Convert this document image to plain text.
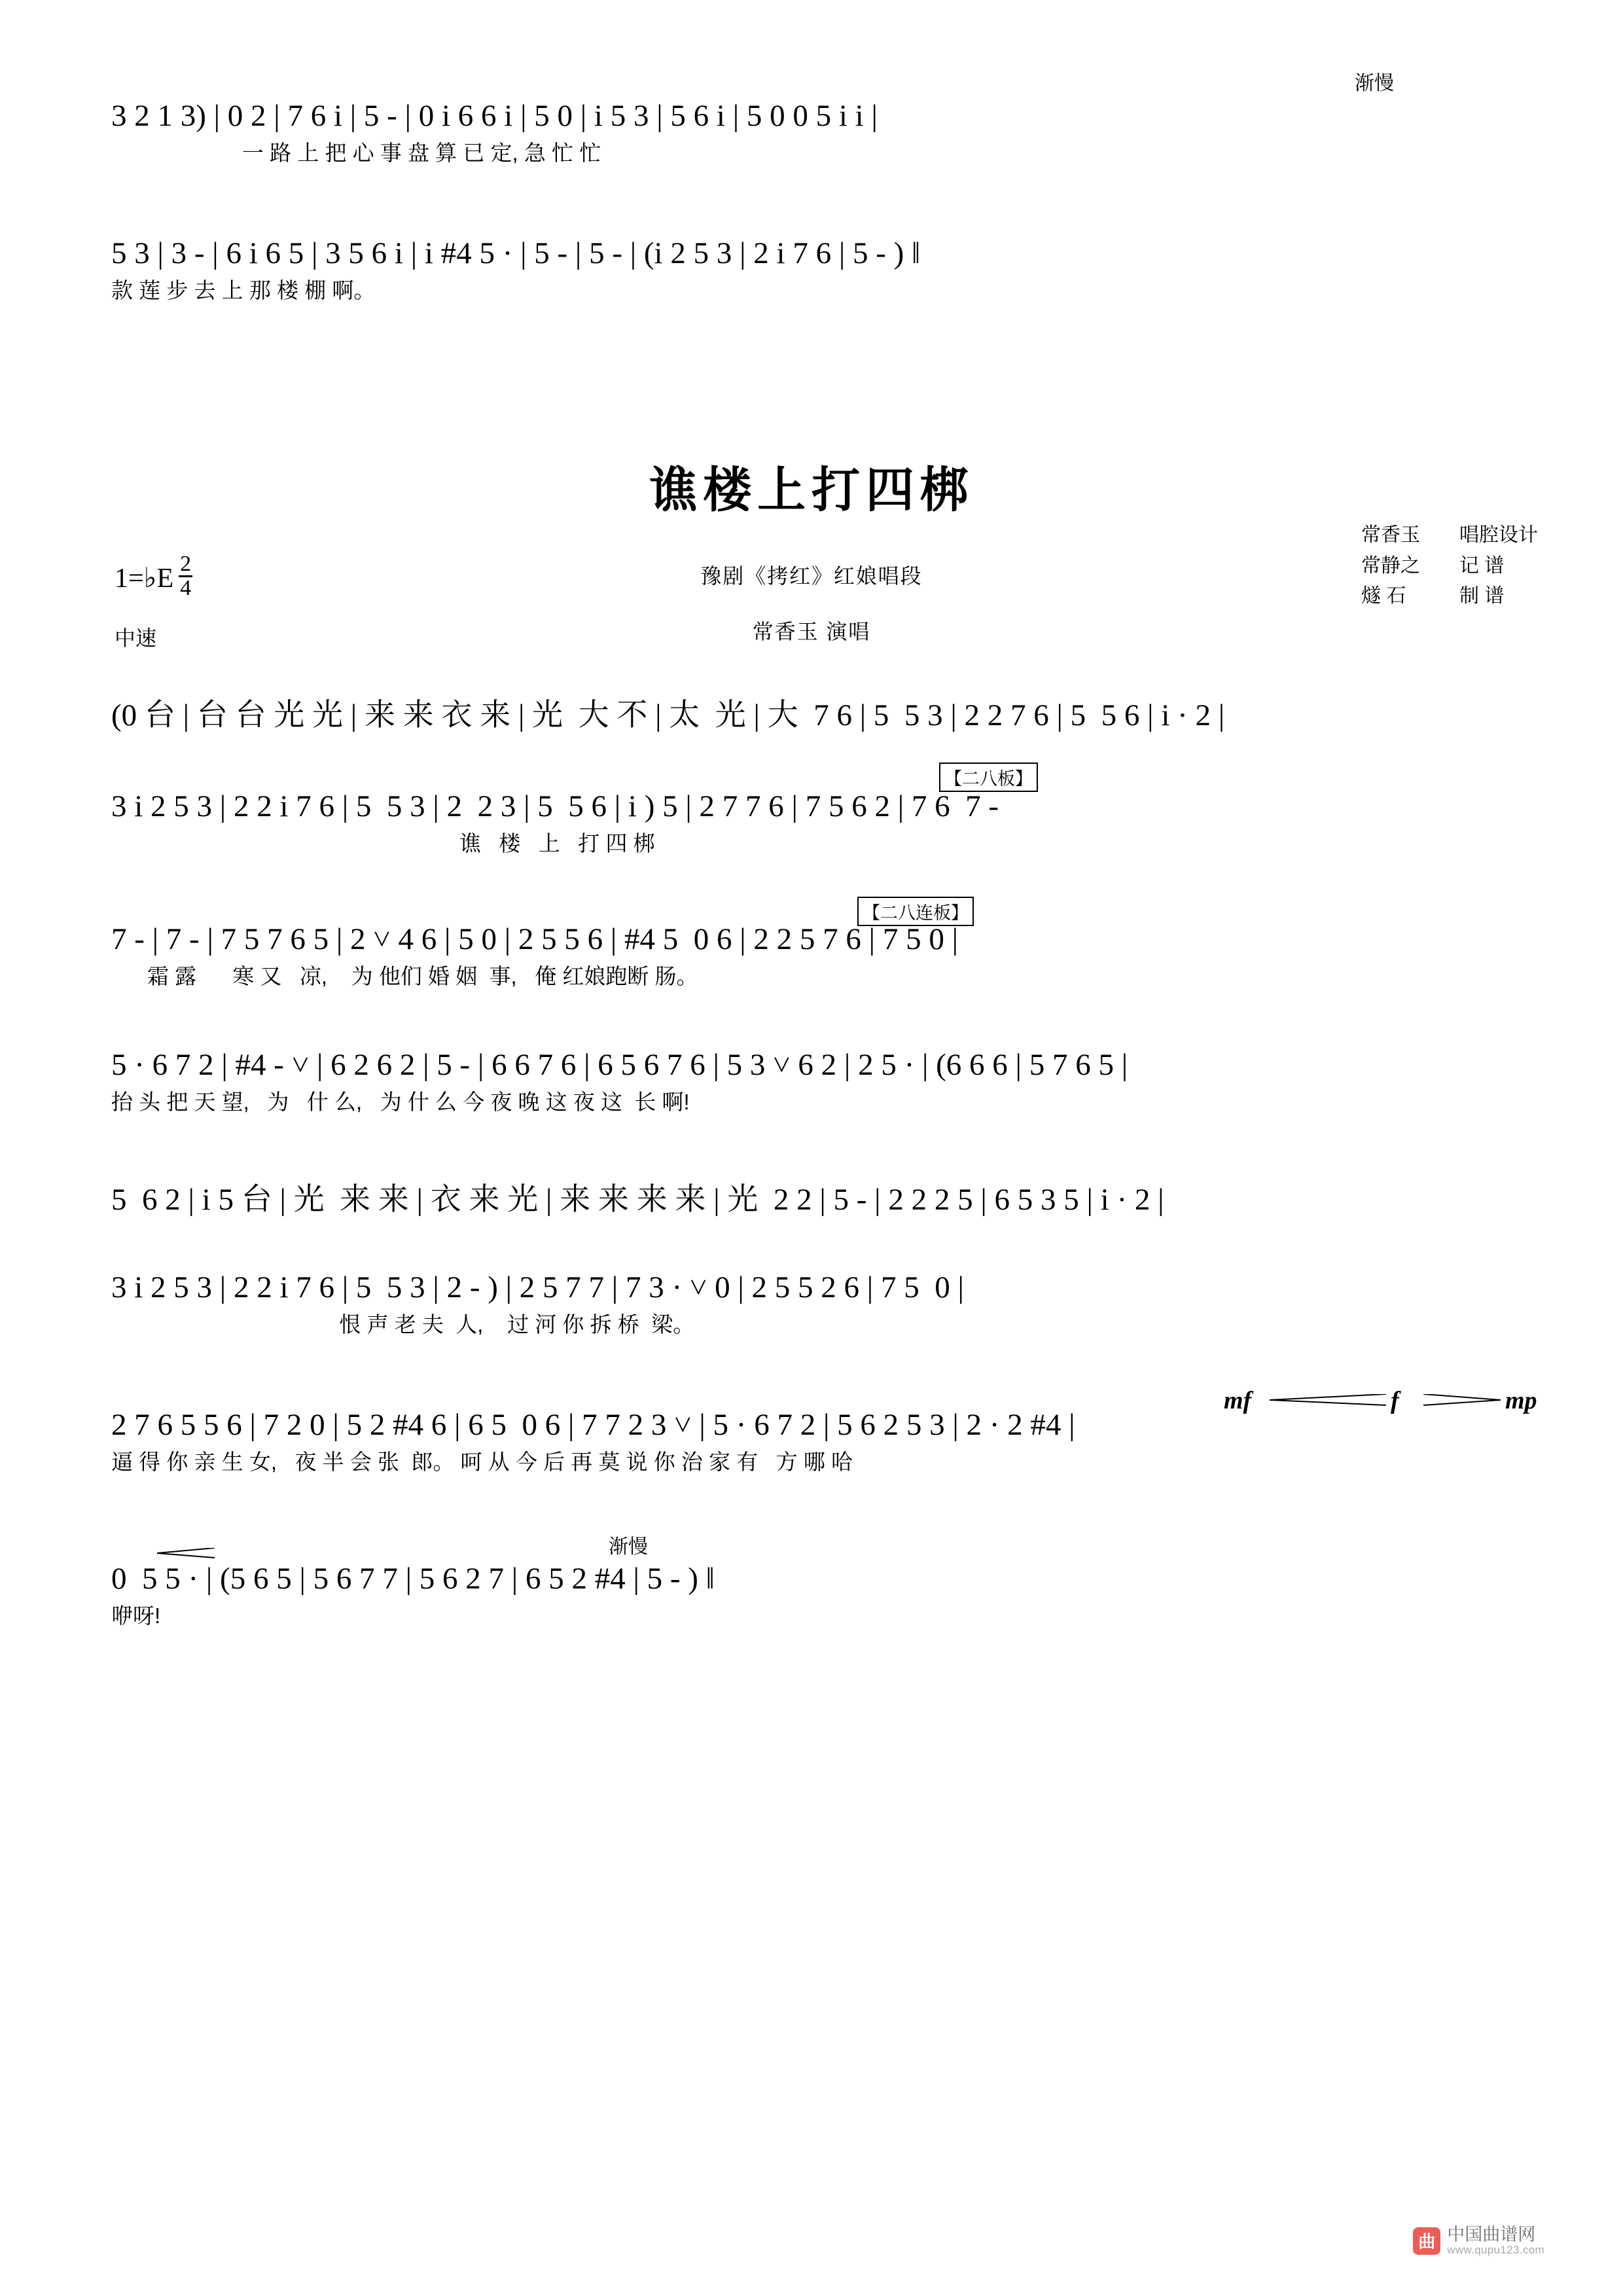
渐慢
3 2 1 3) | 0 2 | 7 6 i | 5 - | 0 i 6 6 i | 5 0 | i 5 3 | 5 6 i | 5 0 0 5 i i |
一 路 上 把 心 事 盘 算 已 定, 急 忙 忙
5 3 | 3 - | 6 i 6 5 | 3 5 6 i | i #4 5 · | 5 - | 5 - | (i 2 5 3 | 2 i 7 6 | 5 - ) ‖
款 莲 步 去 上 那 楼 棚 啊。
谯楼上打四梆
豫剧《拷红》红娘唱段
常香玉 演唱
1=♭E $\frac{2}{4}$
中速
常香玉 唱腔设计
常静之 记 谱
燧 石	制 谱
(0 台 | 台 台 光 光 | 来 来 衣 来 | 光  大 不 | 太  光 | 大  7 6 | 5  5 3 | 2 2 7 6 | 5  5 6 | i · 2 |
【二八板】
3 i 2 5 3 | 2 2 i 7 6 | 5  5 3 | 2  2 3 | 5  5 6 | i ) 5 | 2 7 7 6 | 7 5 6 2 | 7 6  7 -
谯   楼   上   打 四 梆
【二八连板】
7 - | 7 - | 7 5 7 6 5 | 2 ˅ 4 6 | 5 0 | 2 5 5 6 | #4 5  0 6 | 2 2 5 7 6 | 7 5 0 |
霜 露      寒 又   凉,    为 他们 婚 姻  事,   俺 红娘跑断 肠。
5 · 6 7 2 | #4 - ˅ | 6 2 6 2 | 5 - | 6 6 7 6 | 6 5 6 7 6 | 5 3 ˅ 6 2 | 2 5 · | (6 6 6 | 5 7 6 5 |
抬 头 把 天 望,   为   什 么,   为 什 么 今 夜 晚 这 夜 这  长 啊!
5  6 2 | i 5 台 | 光  来 来 | 衣 来 光 | 来 来 来 来 | 光  2 2 | 5 - | 2 2 2 5 | 6 5 3 5 | i · 2 |
3 i 2 5 3 | 2 2 i 7 6 | 5  5 3 | 2 - ) | 2 5 7 7 | 7 3 · ˅ 0 | 2 5 5 2 6 | 7 5  0 |
恨 声 老 夫  人,    过 河 你 拆 桥  梁。
mf	f	mp
2 7 6 5 5 6 | 7 2 0 | 5 2 #4 6 | 6 5  0 6 | 7 7 2 3 ˅ | 5 · 6 7 2 | 5 6 2 5 3 | 2 · 2 #4 |
逼 得 你 亲 生 女,   夜 半 会 张  郎。 呵 从 今 后 再 莫 说 你 治 家 有   方 哪 哈
渐慢
0  5 5 · | (5 6 5 | 5 6 7 7 | 5 6 2 7 | 6 5 2 #4 | 5 - ) ‖
咿呀!
曲 中国曲谱网
www.qupu123.com
